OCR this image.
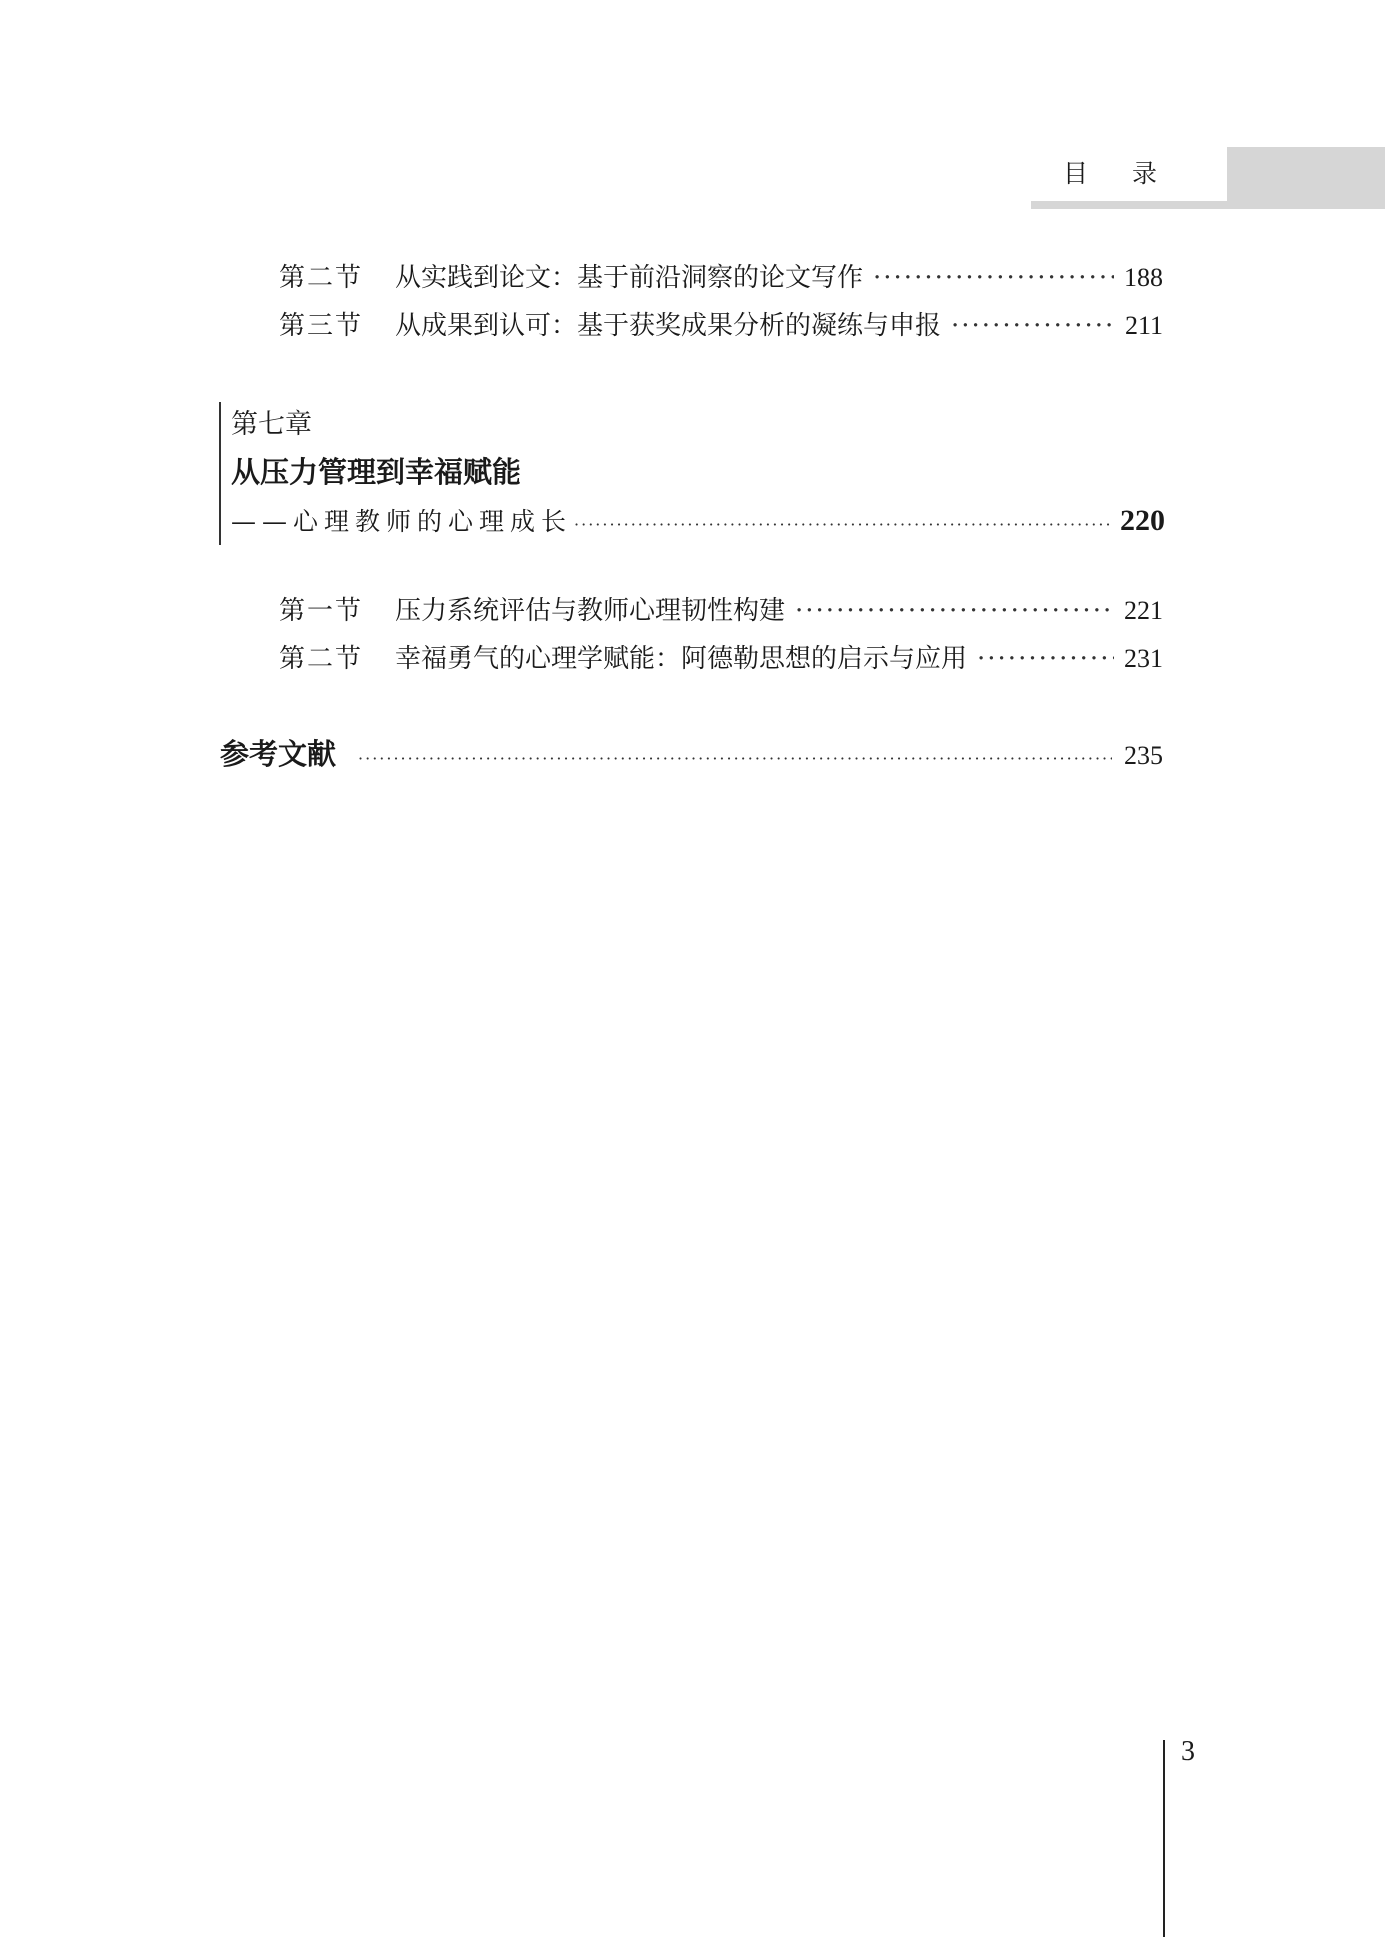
目录
第二节	从实践到论文：基于前沿洞察的论文写作 ·····	188
第三节	从成果到认可：基于获奖成果分析的凝练与申报 ·····	211
第七章
从压力管理到幸福赋能
——心理教师的心理成长 ·····	220
第一节	压力系统评估与教师心理韧性构建 ·····	221
第二节	幸福勇气的心理学赋能：阿德勒思想的启示与应用 ·····	231
参考文献 ·····	235
3
